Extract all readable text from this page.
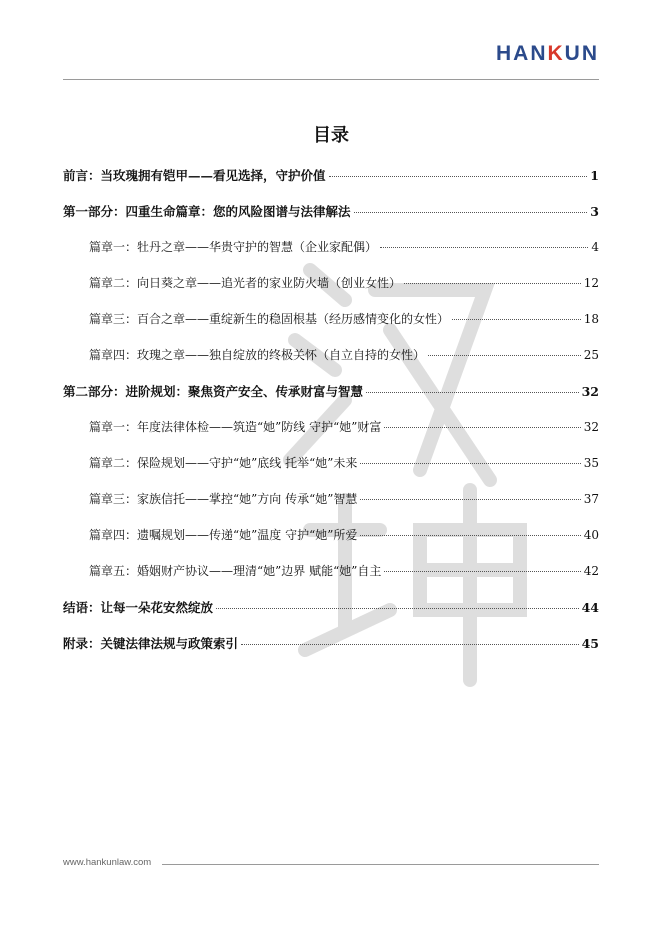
HANKUN
目录
前言：当玫瑰拥有铠甲——看见选择，守护价值	1
第一部分：四重生命篇章：您的风险图谱与法律解法	3
篇章一：牡丹之章——华贵守护的智慧（企业家配偶）	4
篇章二：向日葵之章——追光者的家业防火墙（创业女性）	12
篇章三：百合之章——重绽新生的稳固根基（经历感情变化的女性）	18
篇章四：玫瑰之章——独自绽放的终极关怀（自立自持的女性）	25
第二部分：进阶规划：聚焦资产安全、传承财富与智慧	32
篇章一：年度法律体检——筑造“她”防线 守护“她”财富	32
篇章二：保险规划——守护“她”底线 托举“她”未来	35
篇章三：家族信托——掌控“她”方向 传承“她”智慧	37
篇章四：遗嘱规划——传递“她”温度 守护“她”所爱	40
篇章五：婚姻财产协议——理清“她”边界 赋能“她”自主	42
结语：让每一朵花安然绽放	44
附录：关键法律法规与政策索引	45
www.hankunlaw.com
